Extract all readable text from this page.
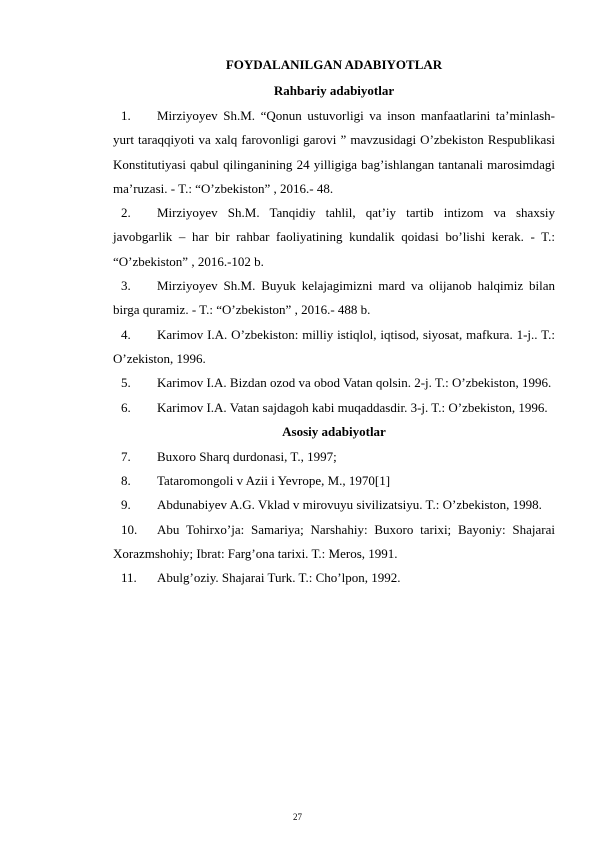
FOYDALANILGAN ADABIYOTLAR

Rahbariy adabiyotlar

1. Mirziyoyev Sh.M. “Qonun ustuvorligi va inson manfaatlarini ta’minlash-yurt taraqqiyoti va xalq farovonligi garovi ” mavzusidagi O’zbekiston Respublikasi Konstitutiyasi qabul qilinganining 24 yilligiga bag’ishlangan tantanali marosimdagi ma’ruzasi. - T.: “O’zbekiston” , 2016.- 48.
2. Mirziyoyev Sh.M. Tanqidiy tahlil, qat’iy tartib intizom va shaxsiy javobgarlik – har bir rahbar faoliyatining kundalik qoidasi bo’lishi kerak. - T.: “O’zbekiston” , 2016.-102 b.
3. Mirziyoyev Sh.M. Buyuk kelajagimizni mard va olijanob halqimiz bilan birga quramiz. - T.: “O’zbekiston” , 2016.- 488 b.
4. Karimov I.A. O’zbekiston: milliy istiqlol, iqtisod, siyosat, mafkura. 1-j.. T.: O’zekiston, 1996.
5. Karimov I.A. Bizdan ozod va obod Vatan qolsin. 2-j. T.: O’zbekiston, 1996.
6. Karimov I.A. Vatan sajdagoh kabi muqaddasdir. 3-j. T.: O’zbekiston, 1996.

Asosiy adabiyotlar

7. Buxoro Sharq durdonasi, T., 1997;
8. Tataromongoli v Azii i Yevrope, M., 1970[1]
9. Abdunabiyev A.G. Vklad v mirovuyu sivilizatsiyu. T.: O’zbekiston, 1998.
10. Abu Tohirxo’ja: Samariya; Narshahiy: Buxoro tarixi; Bayoniy: Shajarai Xorazmshohiy; Ibrat: Farg’ona tarixi. T.: Meros, 1991.
11. Abulg’oziy. Shajarai Turk. T.: Cho’lpon, 1992.
27
